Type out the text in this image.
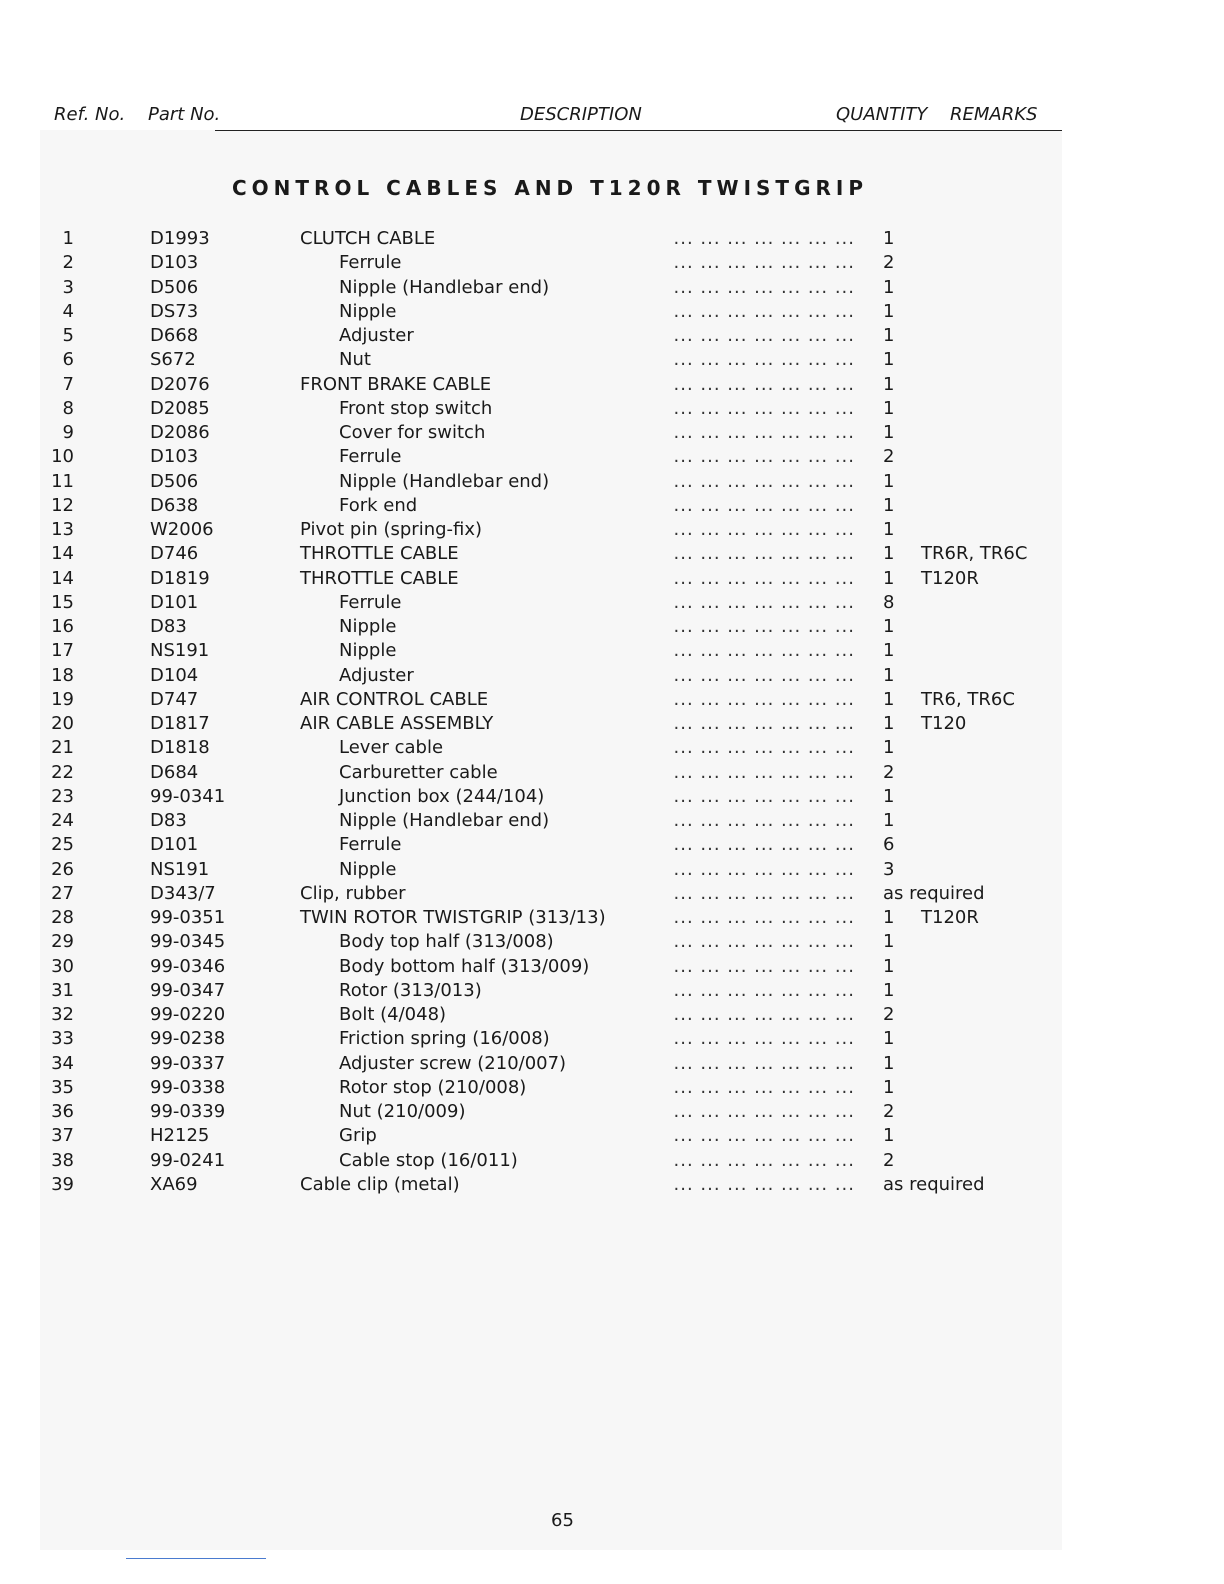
Ref. No. Part No.	DESCRIPTION	QUANTITY REMARKS
CONTROL CABLES AND T120R TWISTGRIP
1	D1993	CLUTCH CABLE	... ... ... ... ... ... ... 1
2	D103	Ferrule	... ... ... ... ... ... ... 2
3	D506	Nipple (Handlebar end)	... ... ... ... ... ... ... 1
4	DS73	Nipple	... ... ... ... ... ... ... 1
5	D668	Adjuster	... ... ... ... ... ... ... 1
6	S672	Nut	... ... ... ... ... ... ... 1
7	D2076	FRONT BRAKE CABLE	... ... ... ... ... ... ... 1
8	D2085	Front stop switch	... ... ... ... ... ... ... 1
9	D2086	Cover for switch	... ... ... ... ... ... ... 1
10	D103	Ferrule	... ... ... ... ... ... ... 2
11	D506	Nipple (Handlebar end)	... ... ... ... ... ... ... 1
12	D638	Fork end	... ... ... ... ... ... ... 1
13	W2006	Pivot pin (spring-fix)	... ... ... ... ... ... ... 1
14	D746	THROTTLE CABLE	... ... ... ... ... ... ... 1 TR6R, TR6C
14	D1819	THROTTLE CABLE	... ... ... ... ... ... ... 1 T120R
15	D101	Ferrule	... ... ... ... ... ... ... 8
16	D83	Nipple	... ... ... ... ... ... ... 1
17	NS191	Nipple	... ... ... ... ... ... ... 1
18	D104	Adjuster	... ... ... ... ... ... ... 1
19	D747	AIR CONTROL CABLE	... ... ... ... ... ... ... 1 TR6, TR6C
20	D1817	AIR CABLE ASSEMBLY	... ... ... ... ... ... ... 1 T120
21	D1818	Lever cable	... ... ... ... ... ... ... 1
22	D684	Carburetter cable	... ... ... ... ... ... ... 2
23	99-0341	Junction box (244/104)	... ... ... ... ... ... ... 1
24	D83	Nipple (Handlebar end)	... ... ... ... ... ... ... 1
25	D101	Ferrule	... ... ... ... ... ... ... 6
26	NS191	Nipple	... ... ... ... ... ... ... 3
27	D343/7	Clip, rubber	... ... ... ... ... ... ... as required
28	99-0351	TWIN ROTOR TWISTGRIP (313/13)	... ... ... ... ... ... ... 1 T120R
29	99-0345	Body top half (313/008)	... ... ... ... ... ... ... 1
30	99-0346	Body bottom half (313/009)	... ... ... ... ... ... ... 1
31	99-0347	Rotor (313/013)	... ... ... ... ... ... ... 1
32	99-0220	Bolt (4/048)	... ... ... ... ... ... ... 2
33	99-0238	Friction spring (16/008)	... ... ... ... ... ... ... 1
34	99-0337	Adjuster screw (210/007)	... ... ... ... ... ... ... 1
35	99-0338	Rotor stop (210/008)	... ... ... ... ... ... ... 1
36	99-0339	Nut (210/009)	... ... ... ... ... ... ... 2
37	H2125	Grip	... ... ... ... ... ... ... 1
38	99-0241	Cable stop (16/011)	... ... ... ... ... ... ... 2
39	XA69	Cable clip (metal)	... ... ... ... ... ... ... as required
65
